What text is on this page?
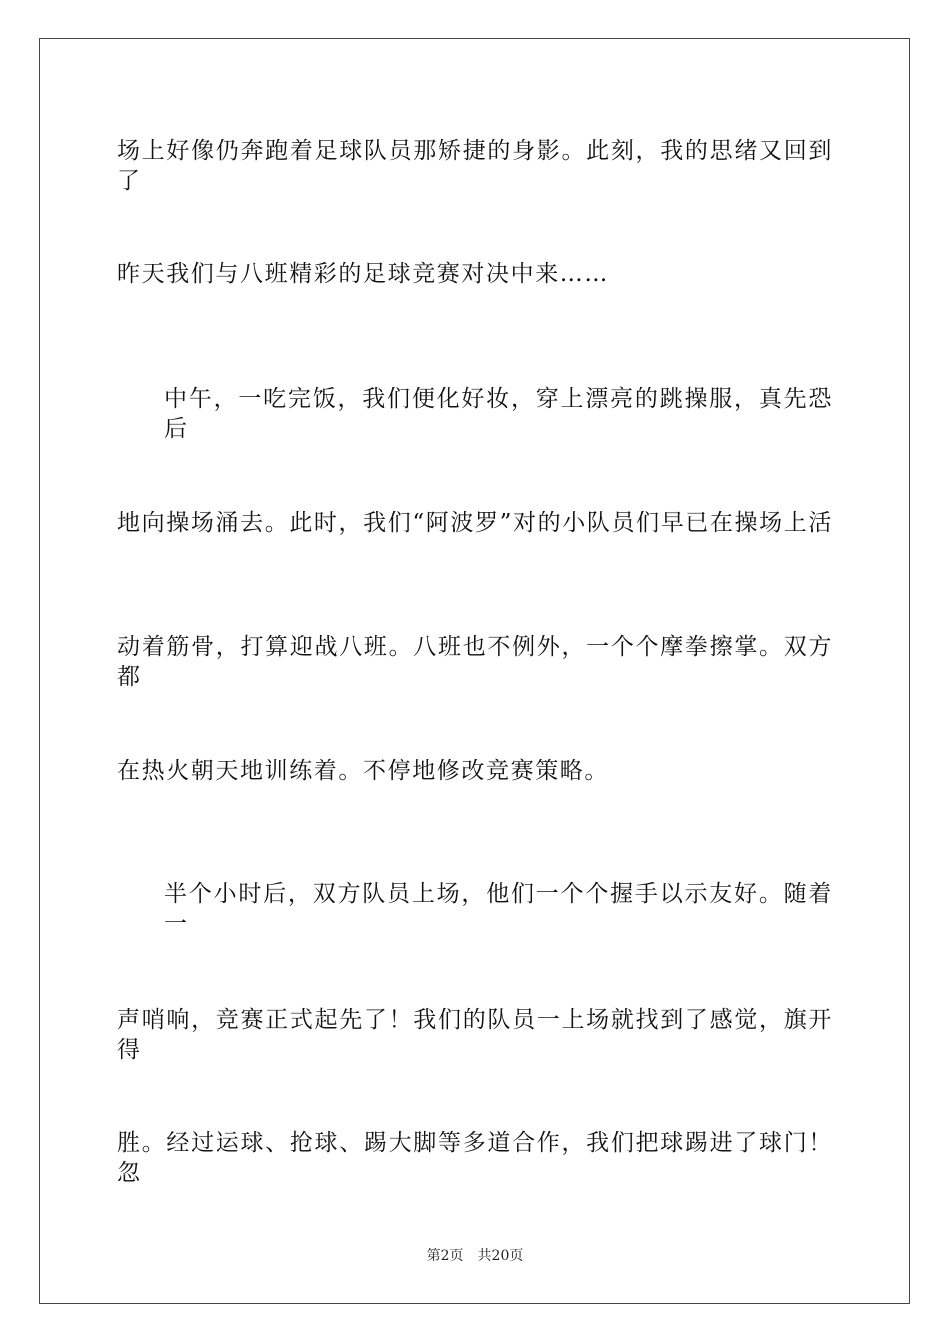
场上好像仍奔跑着足球队员那矫捷的身影。此刻，我的思绪又回到了
昨天我们与八班精彩的足球竞赛对决中来……
中午，一吃完饭，我们便化好妆，穿上漂亮的跳操服，真先恐后
地向操场涌去。此时，我们“阿波罗”对的小队员们早已在操场上活
动着筋骨，打算迎战八班。八班也不例外，一个个摩拳擦掌。双方都
在热火朝天地训练着。不停地修改竞赛策略。
半个小时后，双方队员上场，他们一个个握手以示友好。随着一
声哨响，竞赛正式起先了！我们的队员一上场就找到了感觉，旗开得
胜。经过运球、抢球、踢大脚等多道合作，我们把球踢进了球门！忽
第2页 共20页
